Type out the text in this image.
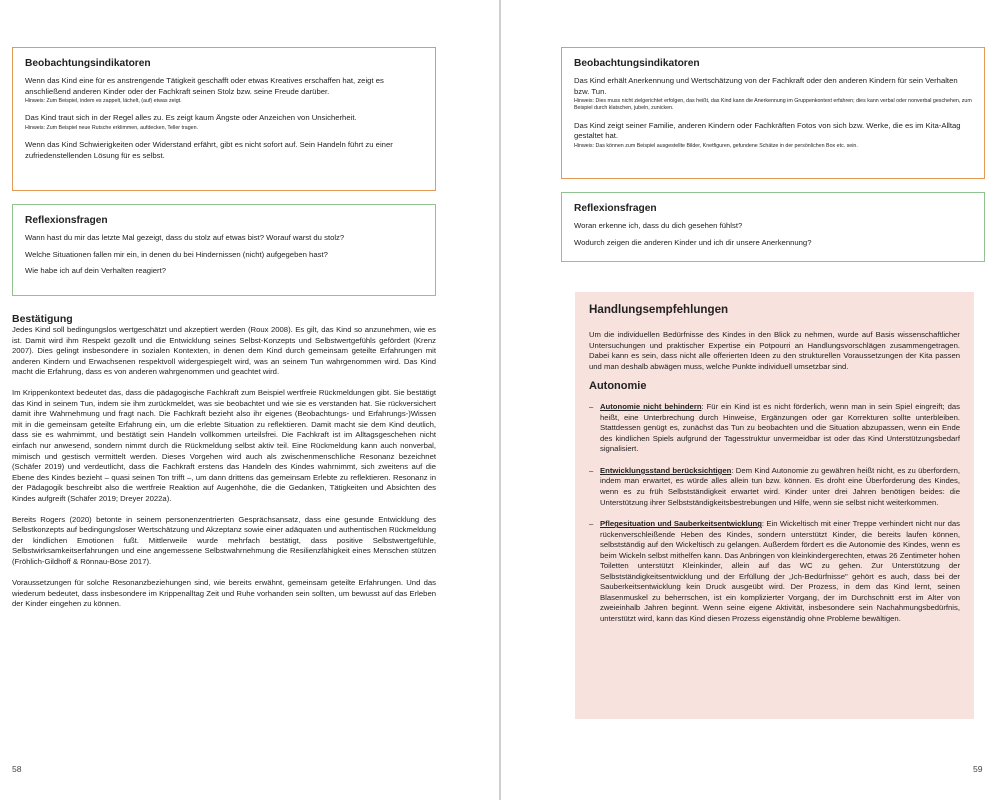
Beobachtungsindikatoren

Wenn das Kind eine für es anstrengende Tätigkeit geschafft oder etwas Kreatives erschaffen hat, zeigt es anschließend anderen Kinder oder der Fachkraft seinen Stolz bzw. seine Freude darüber.

Hinweis: Zum Beispiel, indem es zappelt, lächelt, (auf) etwas zeigt.

Das Kind traut sich in der Regel alles zu. Es zeigt kaum Ängste oder Anzeichen von Unsicherheit.

Hinweis: Zum Beispiel neue Rutsche erklimmen, aufdecken, Teller tragen.

Wenn das Kind Schwierigkeiten oder Widerstand erfährt, gibt es nicht sofort auf. Sein Handeln führt zu einer zufriedenstellenden Lösung für es selbst.

Reflexionsfragen

Wann hast du mir das letzte Mal gezeigt, dass du stolz auf etwas bist? Worauf warst du stolz?

Welche Situationen fallen mir ein, in denen du bei Hindernissen (nicht) aufgegeben hast?

Wie habe ich auf dein Verhalten reagiert?

Bestätigung

Jedes Kind soll bedingungslos wertgeschätzt und akzeptiert werden (Roux 2008). Es gilt, das Kind so anzunehmen, wie es ist. Damit wird ihm Respekt gezollt und die Entwicklung seines Selbst-Konzepts und Selbstwertgefühls gefördert (Krenz 2007). Dies gelingt insbesondere in sozialen Kontexten, in denen dem Kind durch gemeinsam geteilte Erfahrungen mit anderen Kindern und Erwachsenen respektvoll widergespiegelt wird, was an seinem Tun wahrgenommen wird. Das Kind macht die Erfahrung, dass es von anderen wahrgenommen und geachtet wird.

Im Krippenkontext bedeutet das, dass die pädagogische Fachkraft zum Beispiel wertfreie Rückmeldungen gibt. Sie bestätigt das Kind in seinem Tun, indem sie ihm zurückmeldet, was sie beobachtet und wie sie es verstanden hat. Sie rückversichert damit ihre Wahrnehmung und fragt nach. Die Fachkraft bezieht also ihr eigenes (Beobachtungs- und Erfahrungs-)Wissen mit in die gemeinsam geteilte Erfahrung ein, um die erlebte Situation zu reflektieren. Damit macht sie dem Kind deutlich, dass sie es wahrnimmt, und bestätigt sein Handeln vollkommen urteilsfrei. Die Fachkraft ist im Alltagsgeschehen nicht einfach nur anwesend, sondern nimmt durch die Rückmeldung selbst aktiv teil. Eine Rückmeldung kann auch nonverbal, mimisch und gestisch vermittelt werden. Dieses Vorgehen wird auch als zwischenmenschliche Resonanz bezeichnet (Schäfer 2019) und verdeutlicht, dass die Fachkraft erstens das Handeln des Kindes wahrnimmt, sich zweitens auf die Ebene des Kindes bezieht – quasi seinen Ton trifft –, um dann drittens das gemeinsam Erlebte zu reflektieren. Resonanz in der Pädagogik beschreibt also die wertfreie Reaktion auf Augenhöhe, die die Gedanken, Tätigkeiten und Absichten des Kindes aufgreift (Schäfer 2019; Dreyer 2022a).

Bereits Rogers (2020) betonte in seinem personenzentrierten Gesprächsansatz, dass eine gesunde Entwicklung des Selbstkonzepts auf bedingungsloser Wertschätzung und Akzeptanz sowie einer adäquaten und authentischen Rückmeldung der kindlichen Emotionen fußt. Mittlerweile wurde mehrfach bestätigt, dass positive Selbstwertgefühle, Selbstwirksamkeitserfahrungen und eine angemessene Selbstwahrnehmung die Resilienzfähigkeit eines Menschen stützen (Fröhlich-Gildhoff & Rönnau-Böse 2017).

Voraussetzungen für solche Resonanzbeziehungen sind, wie bereits erwähnt, gemeinsam geteilte Erfahrungen. Und das wiederum bedeutet, dass insbesondere im Krippenalltag Zeit und Ruhe vorhanden sein sollten, um bewusst auf das Erleben der Kinder eingehen zu können.

58
Beobachtungsindikatoren

Das Kind erhält Anerkennung und Wertschätzung von der Fachkraft oder den anderen Kindern für sein Verhalten bzw. Tun.

Hinweis: Dies muss nicht zielgerichtet erfolgen, das heißt, das Kind kann die Anerkennung im Gruppenkontext erfahren; dies kann verbal oder nonverbal geschehen, zum Beispiel durch klatschen, jubeln, zunicken.

Das Kind zeigt seiner Familie, anderen Kindern oder Fachkräften Fotos von sich bzw. Werke, die es im Kita-Alltag gestaltet hat.

Hinweis: Das können zum Beispiel ausgestellte Bilder, Knetfiguren, gefundene Schätze in der persönlichen Box etc. sein.

Reflexionsfragen

Woran erkenne ich, dass du dich gesehen fühlst?

Wodurch zeigen die anderen Kinder und ich dir unsere Anerkennung?

Handlungsempfehlungen

Um die individuellen Bedürfnisse des Kindes in den Blick zu nehmen, wurde auf Basis wissenschaftlicher Untersuchungen und praktischer Expertise ein Potpourri an Handlungsvorschlägen zusammengetragen. Dabei kann es sein, dass nicht alle offerierten Ideen zu den strukturellen Voraussetzungen der Kita passen und man deshalb abwägen muss, welche Punkte individuell umsetzbar sind.

Autonomie
– Autonomie nicht behindern: Für ein Kind ist es nicht förderlich, wenn man in sein Spiel eingreift; das heißt, eine Unterbrechung durch Hinweise, Ergänzungen oder gar Korrekturen sollte unterbleiben. Stattdessen genügt es, zunächst das Tun zu beobachten und die Situation abzupassen, wenn ein Ende des kindlichen Spiels aufgrund der Tagesstruktur unvermeidbar ist oder das Kind Unterstützungsbedarf signalisiert.
– Entwicklungsstand berücksichtigen: Dem Kind Autonomie zu gewähren heißt nicht, es zu überfordern, indem man erwartet, es würde alles allein tun bzw. können. Es droht eine Überforderung des Kindes, wenn es zu früh Selbstständigkeit erwartet wird. Kinder unter drei Jahren benötigen beides: die Unterstützung ihrer Selbstständigkeitsbestrebungen und Hilfe, wenn sie selbst nicht weiterkommen.
– Pflegesituation und Sauberkeitsentwicklung: Ein Wickeltisch mit einer Treppe verhindert nicht nur das rückenverschleißende Heben des Kindes, sondern unterstützt Kinder, die bereits laufen können, selbstständig auf den Wickeltisch zu gelangen. Außerdem fördert es die Autonomie des Kindes, wenn es beim Wickeln selbst mithelfen kann. Das Anbringen von kleinkindergerechten, etwas 26 Zentimeter hohen Toiletten unterstützt Kleinkinder, allein auf das WC zu gehen. Zur Unterstützung der Selbstständigkeitsentwicklung und der Erfüllung der „Ich-Bedürfnisse" gehört es auch, dass bei der Sauberkeitsentwicklung kein Druck ausgeübt wird. Der Prozess, in dem das Kind lernt, seinen Blasenmuskel zu beherrschen, ist ein komplizierter Vorgang, der im Durchschnitt erst im Alter von zweieinhalb Jahren beginnt. Wenn seine eigene Aktivität, insbesondere sein Nachahmungsbedürfnis, unterstützt wird, kann das Kind diesen Prozess eigenständig ohne Probleme bewältigen.
59
